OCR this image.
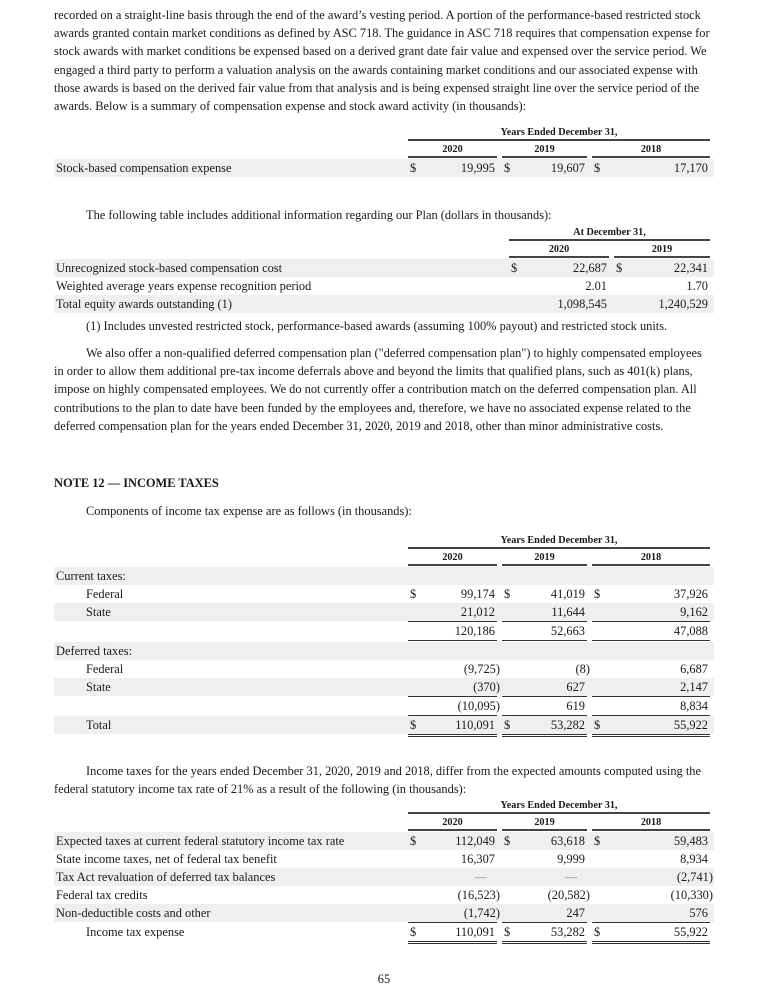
recorded on a straight-line basis through the end of the award’s vesting period. A portion of the performance-based restricted stock awards granted contain market conditions as defined by ASC 718. The guidance in ASC 718 requires that compensation expense for stock awards with market conditions be expensed based on a derived grant date fair value and expensed over the service period. We engaged a third party to perform a valuation analysis on the awards containing market conditions and our associated expense with those awards is based on the derived fair value from that analysis and is being expensed straight line over the service period of the awards. Below is a summary of compensation expense and stock award activity (in thousands):

Years Ended December 31,
2020	2019	2018
Stock-based compensation expense	$	19,995 $	19,607 $	17,170

The following table includes additional information regarding our Plan (dollars in thousands):

At December 31,
2020	2019
Unrecognized stock-based compensation cost	$	22,687 $	22,341
Weighted average years expense recognition period	2.01	1.70
Total equity awards outstanding (1)	1,098,545	1,240,529

(1) Includes unvested restricted stock, performance-based awards (assuming 100% payout) and restricted stock units.

We also offer a non-qualified deferred compensation plan ("deferred compensation plan") to highly compensated employees in order to allow them additional pre-tax income deferrals above and beyond the limits that qualified plans, such as 401(k) plans, impose on highly compensated employees. We do not currently offer a contribution match on the deferred compensation plan. All contributions to the plan to date have been funded by the employees and, therefore, we have no associated expense related to the deferred compensation plan for the years ended December 31, 2020, 2019 and 2018, other than minor administrative costs.

NOTE 12 — INCOME TAXES

Components of income tax expense are as follows (in thousands):

Years Ended December 31,
2020	2019	2018
Current taxes:
Federal	$	99,174 $	41,019 $	37,926
State	21,012	11,644	9,162
120,186	52,663	47,088
Deferred taxes:
Federal	(9,725)	(8)	6,687
State	(370)	627	2,147
(10,095)	619	8,834
Total	$	110,091 $	53,282 $	55,922

Income taxes for the years ended December 31, 2020, 2019 and 2018, differ from the expected amounts computed using the federal statutory income tax rate of 21% as a result of the following (in thousands):

Years Ended December 31,
2020	2019	2018
Expected taxes at current federal statutory income tax rate	$	112,049 $	63,618 $	59,483
State income taxes, net of federal tax benefit	16,307	9,999	8,934
Tax Act revaluation of deferred tax balances	—	—	(2,741)
Federal tax credits	(16,523)	(20,582)	(10,330)
Non-deductible costs and other	(1,742)	247	576
Income tax expense	$	110,091 $	53,282 $	55,922
65
